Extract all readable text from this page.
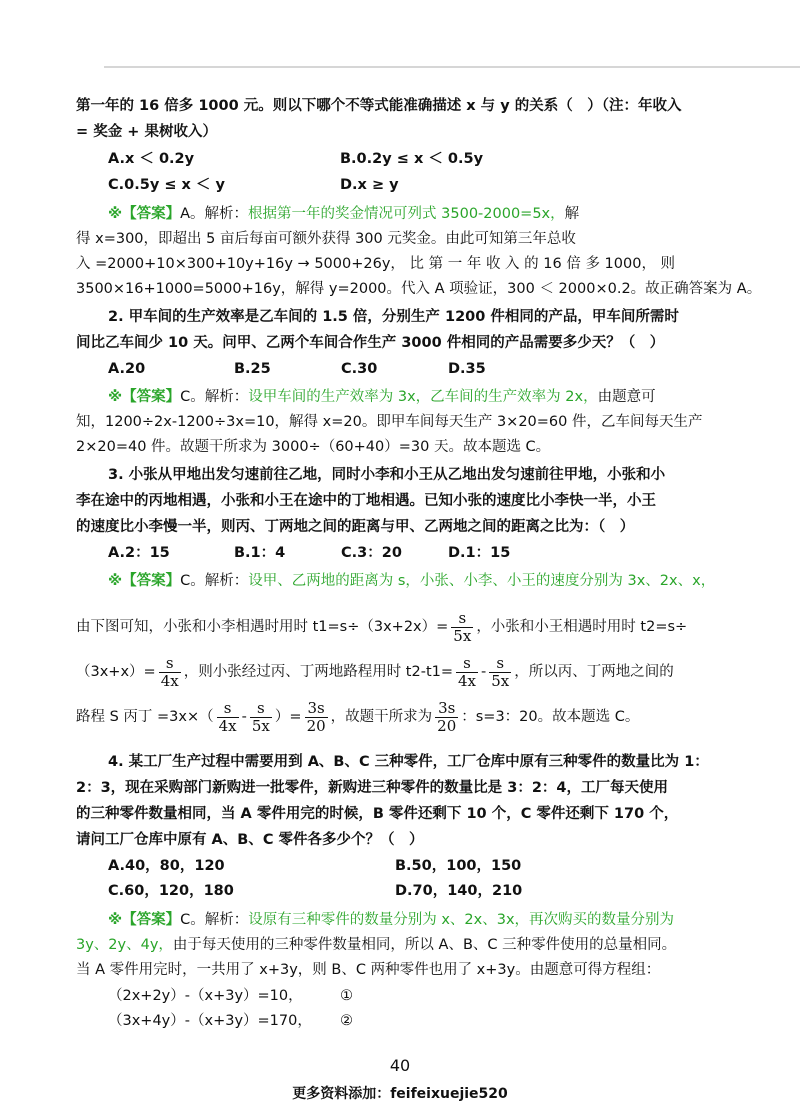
第一年的 16 倍多 1000 元。则以下哪个不等式能准确描述 x 与 y 的关系（　）（注：年收入
= 奖金 + 果树收入）
A.x ＜ 0.2y	B.0.2y ≤ x ＜ 0.5y
C.0.5y ≤ x ＜ y	D.x ≥ y
※【答案】A。解析：根据第一年的奖金情况可列式 3500-2000=5x，解
得 x=300，即超出 5 亩后每亩可额外获得 300 元奖金。由此可知第三年总收
入 =2000+10×300+10y+16y → 5000+26y， 比 第 一 年 收 入 的 16 倍 多 1000， 则
3500×16+1000=5000+16y，解得 y=2000。代入 A 项验证，300 ＜ 2000×0.2。故正确答案为 A。
2. 甲车间的生产效率是乙车间的 1.5 倍，分别生产 1200 件相同的产品，甲车间所需时
间比乙车间少 10 天。问甲、乙两个车间合作生产 3000 件相同的产品需要多少天？（　）
A.20	B.25	C.30	D.35
※【答案】C。解析：设甲车间的生产效率为 3x，乙车间的生产效率为 2x，由题意可
知，1200÷2x-1200÷3x=10，解得 x=20。即甲车间每天生产 3×20=60 件，乙车间每天生产
2×20=40 件。故题干所求为 3000÷（60+40）=30 天。故本题选 C。
3. 小张从甲地出发匀速前往乙地，同时小李和小王从乙地出发匀速前往甲地，小张和小
李在途中的丙地相遇，小张和小王在途中的丁地相遇。已知小张的速度比小李快一半，小王
的速度比小李慢一半，则丙、丁两地之间的距离与甲、乙两地之间的距离之比为：（　）
A.2：15	B.1：4	C.3：20	D.1：15
※【答案】C。解析：设甲、乙两地的距离为 s，小张、小李、小王的速度分别为 3x、2x、x，
由下图可知，小张和小李相遇时用时 $t1=s\div(3x+2x)= \frac{s}{5x}$ ，小张和小王相遇时用时 t2=s÷
$(3x+x)= \frac{s}{4x}$ ，则小张经过丙、丁两地路程用时 $t2-t1= \frac{s}{4x} - \frac{s}{5x}$ ，所以丙、丁两地之间的
路程 S 丙丁 $=3x\times( \frac{s}{4x} - \frac{s}{5x}$ ）= $\frac{3s}{20}$ ，故题干所求为 $\frac{3s}{20}$ ：s=3：20。故本题选 C。
4. 某工厂生产过程中需要用到 A、B、C 三种零件，工厂仓库中原有三种零件的数量比为 1：
2：3，现在采购部门新购进一批零件，新购进三种零件的数量比是 3：2：4，工厂每天使用
的三种零件数量相同，当 A 零件用完的时候，B 零件还剩下 10 个，C 零件还剩下 170 个，
请问工厂仓库中原有 A、B、C 零件各多少个？（　）
A.40，80，120	B.50，100，150
C.60，120，180	D.70，140，210
※【答案】C。解析：设原有三种零件的数量分别为 x、2x、3x，再次购买的数量分别为
3y、2y、4y，由于每天使用的三种零件数量相同，所以 A、B、C 三种零件使用的总量相同。
当 A 零件用完时，一共用了 x+3y，则 B、C 两种零件也用了 x+3y。由题意可得方程组：
（2x+2y）-（x+3y）=10，	①
（3x+4y）-（x+3y）=170， ②
40
更多资料添加：feifeixuejie520
